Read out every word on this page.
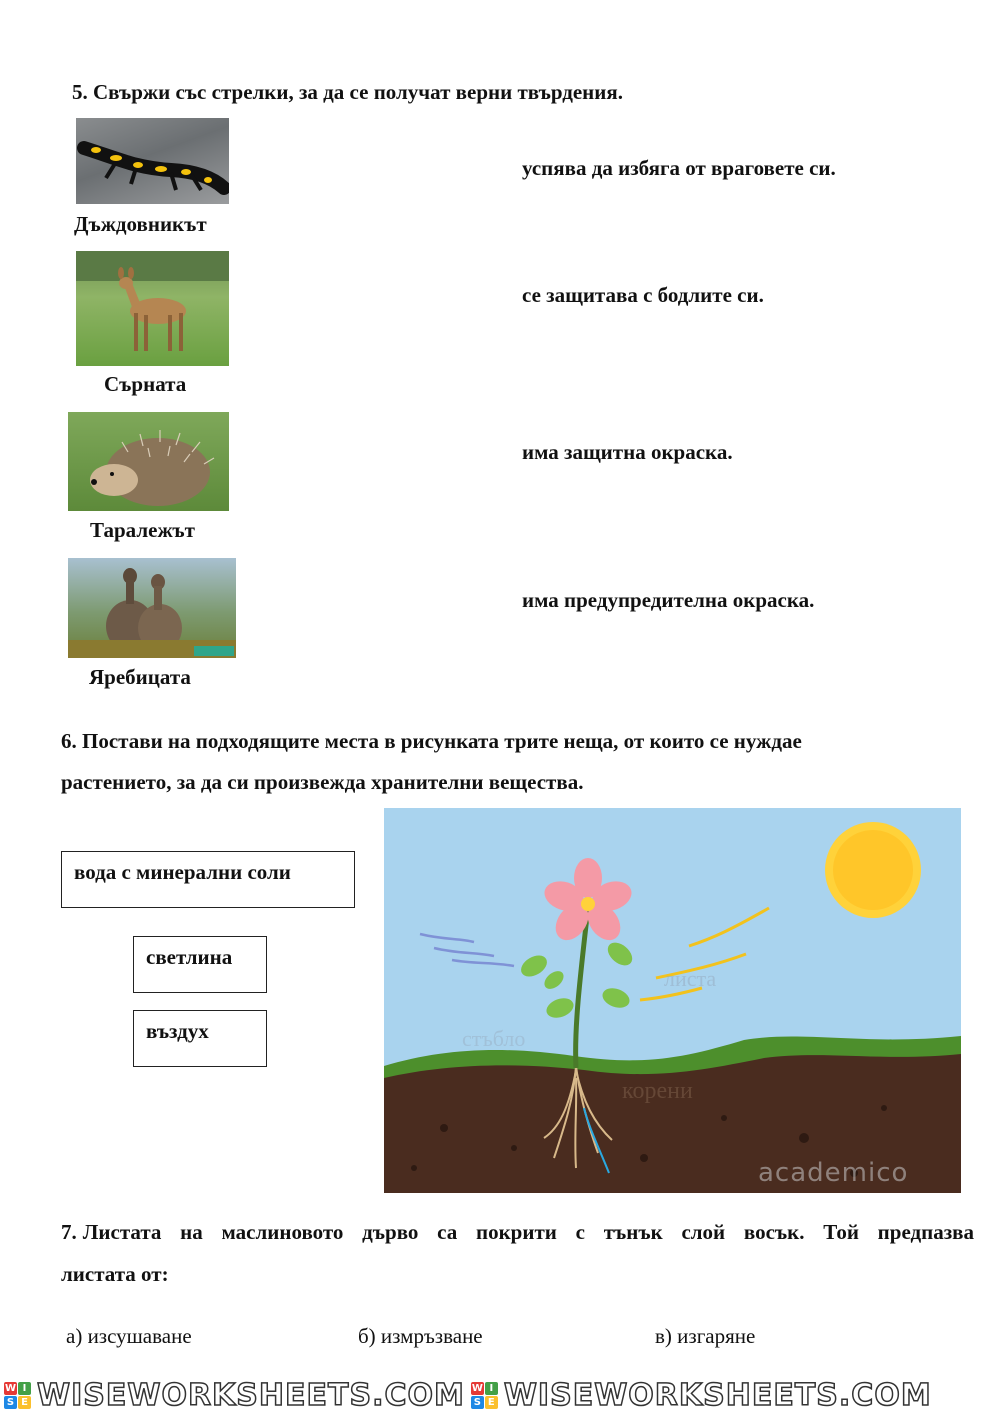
5. Свържи със стрелки, за да се получат верни твърдения.
Дъждовникът
Сърната
Таралежът
Яребицата
успява да избяга от враговете си.
се защитава с бодлите си.
има защитна окраска.
има предупредителна окраска.
6. Постави на подходящите места в рисунката трите неща, от които се нуждае
растението, за да си произвежда хранителни вещества.
вода с минерални соли
светлина
въздух
листа
стъбло
корени
academico
7. Листата на маслиновото дърво са покрити с тънък слой восък. Той предпазва
листата от:
а) изсушаване	б) измръзване	в) изгаряне
W I
S E WISEWORKSHEETS.COM W I
S E WISEWORKSHEETS.COM
